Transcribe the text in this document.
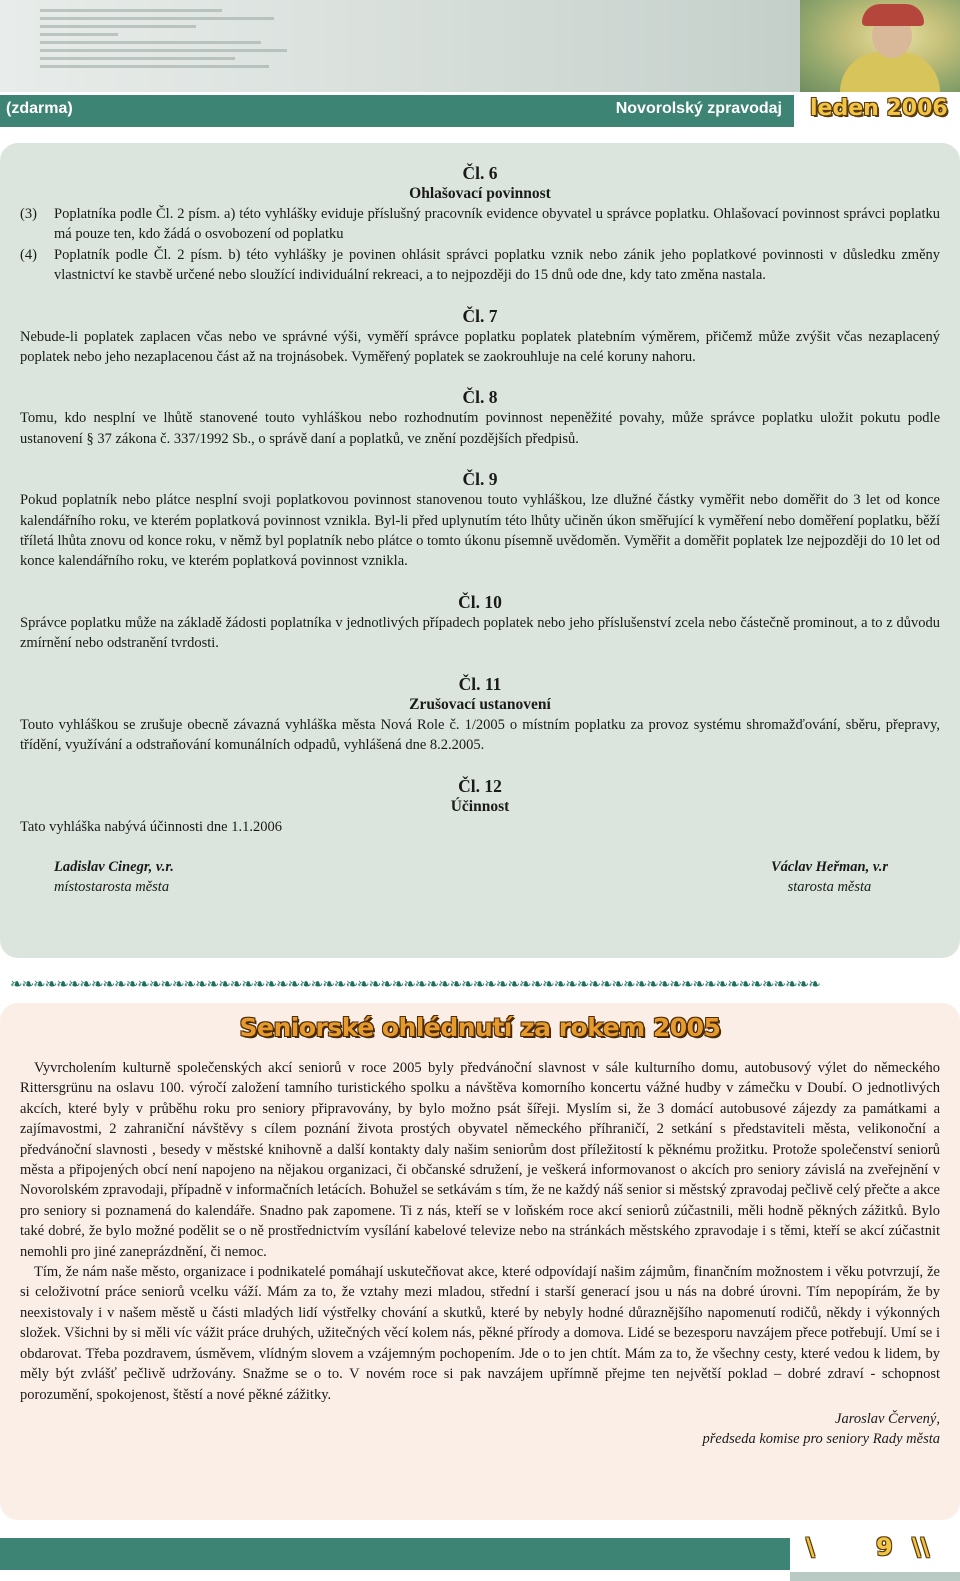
(zdarma)	Novorolský zpravodaj leden 2006
Čl. 6
Ohlašovací povinnost
(3)	Poplatníka podle Čl. 2 písm. a) této vyhlášky eviduje příslušný pracovník evidence obyvatel u správce poplatku. Ohlašovací povinnost správci poplatku má pouze ten, kdo žádá o osvobození od poplatku
(4)	Poplatník podle Čl. 2 písm. b) této vyhlášky je povinen ohlásit správci poplatku vznik nebo zánik jeho poplatkové povinnosti v důsledku změny vlastnictví ke stavbě určené nebo sloužící individuální rekreaci, a to nejpozději do 15 dnů ode dne, kdy tato změna nastala.
Čl. 7

Nebude-li poplatek zaplacen včas nebo ve správné výši, vyměří správce poplatku poplatek platebním výměrem, přičemž může zvýšit včas nezaplacený poplatek nebo jeho nezaplacenou část až na trojnásobek. Vyměřený poplatek se zaokrouhluje na celé koruny nahoru.

Čl. 8

Tomu, kdo nesplní ve lhůtě stanovené touto vyhláškou nebo rozhodnutím povinnost nepeněžité povahy, může správce poplatku uložit pokutu podle ustanovení § 37 zákona č. 337/1992 Sb., o správě daní a poplatků, ve znění pozdějších předpisů.

Čl. 9

Pokud poplatník nebo plátce nesplní svoji poplatkovou povinnost stanovenou touto vyhláškou, lze dlužné částky vyměřit nebo doměřit do 3 let od konce kalendářního roku, ve kterém poplatková povinnost vznikla. Byl-li před uplynutím této lhůty učiněn úkon směřující k vyměření nebo doměření poplatku, běží tříletá lhůta znovu od konce roku, v němž byl poplatník nebo plátce o tomto úkonu písemně uvědoměn. Vyměřit a doměřit poplatek lze nejpozději do 10 let od konce kalendářního roku, ve kterém poplatková povinnost vznikla.

Čl. 10

Správce poplatku může na základě žádosti poplatníka v jednotlivých případech poplatek nebo jeho příslušenství zcela nebo částečně prominout, a to z důvodu zmírnění nebo odstranění tvrdosti.

Čl. 11
Zrušovací ustanovení

Touto vyhláškou se zrušuje obecně závazná vyhláška města Nová Role č. 1/2005 o místním poplatku za provoz systému shromažďování, sběru, přepravy, třídění, využívání a odstraňování komunálních odpadů, vyhlášená dne 8.2.2005.

Čl. 12
Účinnost

Tato vyhláška nabývá účinnosti dne 1.1.2006

Ladislav Cinegr, v.r.
místostarosta města
Václav Heřman, v.r
starosta města
❧❧❧❧❧❧❧❧❧❧❧❧❧❧❧❧❧❧❧❧❧❧❧❧❧❧❧❧❧❧❧❧❧❧❧❧❧❧❧❧❧❧❧❧❧❧❧❧❧❧❧❧❧❧❧❧❧❧❧❧❧❧❧❧❧❧❧❧❧❧
Seniorské ohlédnutí za rokem 2005

Vyvrcholením kulturně společenských akcí seniorů v roce 2005 byly předvánoční slavnost v sále kulturního domu, autobusový výlet do německého Rittersgrünu na oslavu 100. výročí založení tamního turistického spolku a návštěva komorního koncertu vážné hudby v zámečku v Doubí. O jednotlivých akcích, které byly v průběhu roku pro seniory připravovány, by bylo možno psát šířeji. Myslím si, že 3 domácí autobusové zájezdy za památkami a zajímavostmi, 2 zahraniční návštěvy s cílem poznání života prostých obyvatel německého příhraničí, 2 setkání s představiteli města, velikonoční a předvánoční slavnosti , besedy v městské knihovně a další kontakty daly našim seniorům dost příležitostí k pěknému prožitku. Protože společenství seniorů města a připojených obcí není napojeno na nějakou organizaci, či občanské sdružení, je veškerá informovanost o akcích pro seniory závislá na zveřejnění v Novorolském zpravodaji, případně v informačních letácích. Bohužel se setkávám s tím, že ne každý náš senior si městský zpravodaj pečlivě celý přečte a akce pro seniory si poznamená do kalendáře. Snadno pak zapomene. Ti z nás, kteří se v loňském roce akcí seniorů zúčastnili, měli hodně pěkných zážitků. Bylo také dobré, že bylo možné podělit se o ně prostřednictvím vysílání kabelové televize nebo na stránkách městského zpravodaje i s těmi, kteří se akcí zúčastnit nemohli pro jiné zaneprázdnění, či nemoc.

Tím, že nám naše město, organizace i podnikatelé pomáhají uskutečňovat akce, které odpovídají našim zájmům, finančním možnostem i věku potvrzují, že si celoživotní práce seniorů vcelku váží. Mám za to, že vztahy mezi mladou, střední i starší generací jsou u nás na dobré úrovni. Tím nepopírám, že by neexistovaly i v našem městě u části mladých lidí výstřelky chování a skutků, které by nebyly hodné důraznějšího napomenutí rodičů, někdy i výkonných složek. Všichni by si měli víc vážit práce druhých, užitečných věcí kolem nás, pěkné přírody a domova. Lidé se bezesporu navzájem přece potřebují. Umí se i obdarovat. Třeba pozdravem, úsměvem, vlídným slovem a vzájemným pochopením. Jde o to jen chtít. Mám za to, že všechny cesty, které vedou k lidem, by měly být zvlášť pečlivě udržovány. Snažme se o to. V novém roce si pak navzájem upřímně přejme ten největší poklad – dobré zdraví - schopnost porozumění, spokojenost, štěstí a nové pěkné zážitky.

Jaroslav Červený,
předseda komise pro seniory Rady města
\	9 \\
